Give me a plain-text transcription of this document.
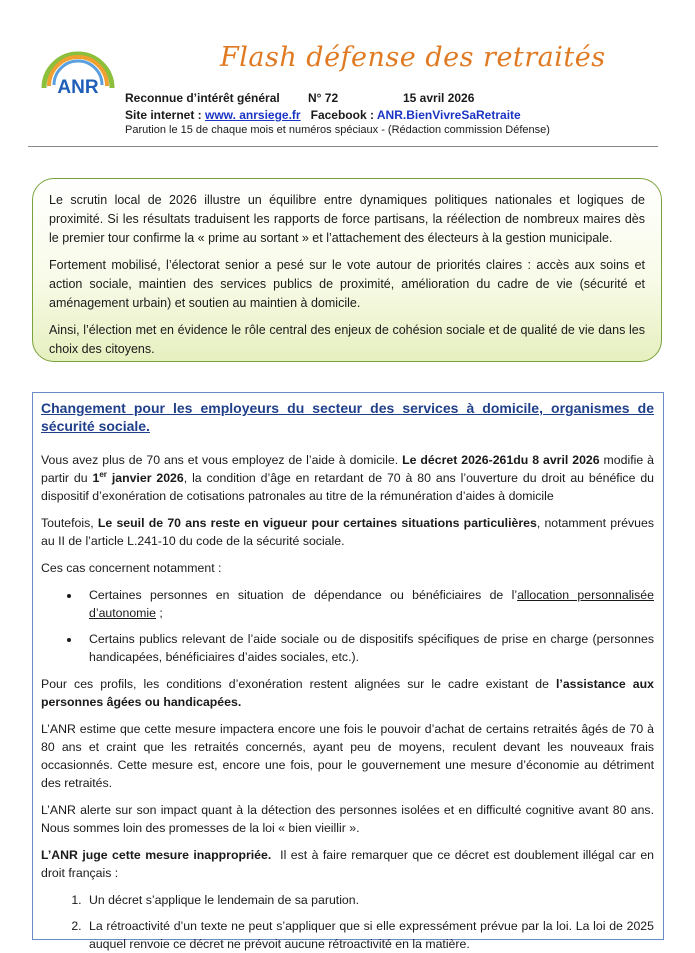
ANR
Flash défense des retraités
Reconnue d’intérêt général N° 72	15 avril 2026
Site internet : www. anrsiege.fr Facebook : ANR.BienVivreSaRetraite
Parution le 15 de chaque mois et numéros spéciaux - (Rédaction commission Défense)

Le scrutin local de 2026 illustre un équilibre entre dynamiques politiques nationales et logiques de proximité. Si les résultats traduisent les rapports de force partisans, la réélection de nombreux maires dès le premier tour confirme la « prime au sortant » et l’attachement des électeurs à la gestion municipale.

Fortement mobilisé, l’électorat senior a pesé sur le vote autour de priorités claires : accès aux soins et action sociale, maintien des services publics de proximité, amélioration du cadre de vie (sécurité et aménagement urbain) et soutien au maintien à domicile.

Ainsi, l’élection met en évidence le rôle central des enjeux de cohésion sociale et de qualité de vie dans les choix des citoyens.

Changement pour les employeurs du secteur des services à domicile, organismes de sécurité sociale.

Vous avez plus de 70 ans et vous employez de l’aide à domicile. Le décret 2026-261du 8 avril 2026 modifie à partir du 1er janvier 2026, la condition d’âge en retardant de 70 à 80 ans l’ouverture du droit au bénéfice du dispositif d’exonération de cotisations patronales au titre de la rémunération d’aides à domicile

Toutefois, Le seuil de 70 ans reste en vigueur pour certaines situations particulières, notamment prévues au II de l’article L.241-10 du code de la sécurité sociale.

Ces cas concernent notamment :

• Certaines personnes en situation de dépendance ou bénéficiaires de l’allocation personnalisée d’autonomie ;
• Certains publics relevant de l’aide sociale ou de dispositifs spécifiques de prise en charge (personnes handicapées, bénéficiaires d’aides sociales, etc.).

Pour ces profils, les conditions d’exonération restent alignées sur le cadre existant de l’assistance aux personnes âgées ou handicapées.

L’ANR estime que cette mesure impactera encore une fois le pouvoir d’achat de certains retraités âgés de 70 à 80 ans et craint que les retraités concernés, ayant peu de moyens, reculent devant les nouveaux frais occasionnés. Cette mesure est, encore une fois, pour le gouvernement une mesure d’économie au détriment des retraités.

L’ANR alerte sur son impact quant à la détection des personnes isolées et en difficulté cognitive avant 80 ans. Nous sommes loin des promesses de la loi « bien vieillir ».

L’ANR juge cette mesure inappropriée.  Il est à faire remarquer que ce décret est doublement illégal car en droit français :

1. Un décret s’applique le lendemain de sa parution.
2. La rétroactivité d’un texte ne peut s’appliquer que si elle expressément prévue par la loi. La loi de 2025 auquel renvoie ce décret ne prévoit aucune rétroactivité en la matière.
